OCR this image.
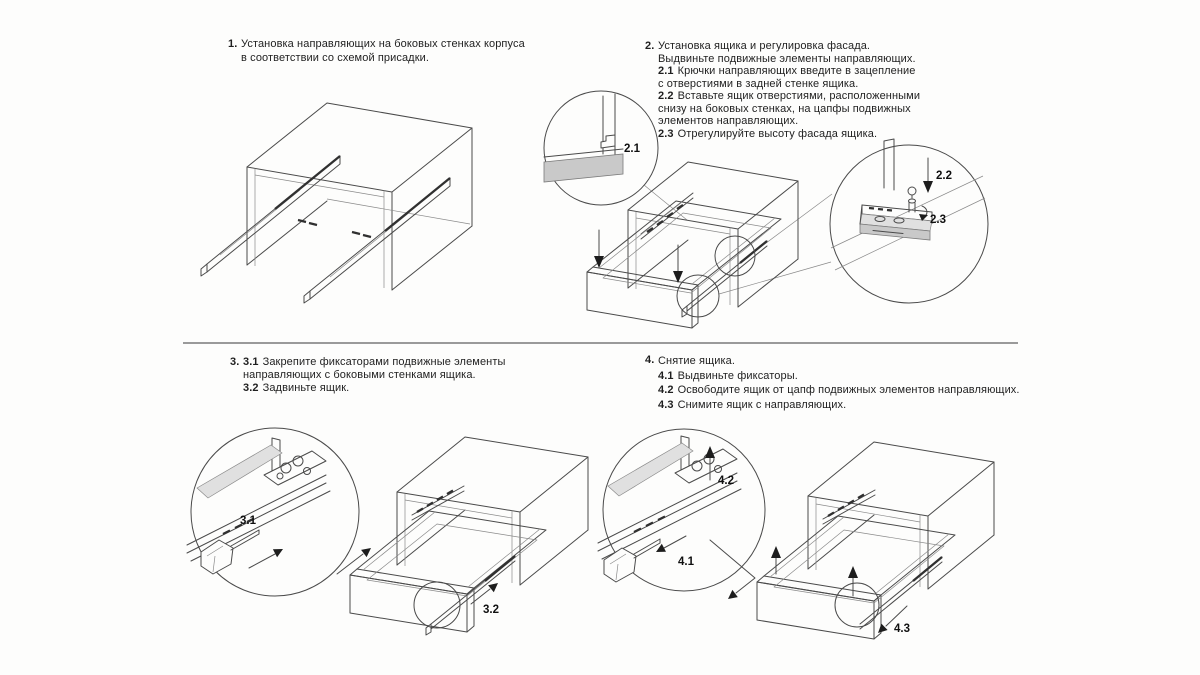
1. Установка направляющих на боковых стенках корпуса
в соответствии со схемой присадки.
2. Установка ящика и регулировка фасада.
Выдвиньте подвижные элементы направляющих.
2.1 Крючки направляющих введите в зацепление
с отверстиями в задней стенке ящика.
2.2 Вставьте ящик отверстиями, расположенными
снизу на боковых стенках, на цапфы подвижных
элементов направляющих.
2.3 Отрегулируйте высоту фасада ящика.
3. 3.1 Закрепите фиксаторами подвижные элементы
направляющих с боковыми стенками ящика.
3.2 Задвиньте ящик.
4. Снятие ящика.
4.1 Выдвиньте фиксаторы.
4.2 Освободите ящик от цапф подвижных элементов направляющих.
4.3 Снимите ящик с направляющих.
2.1
2.2
2.3
3.1
3.2
4.1
4.2
4.3
